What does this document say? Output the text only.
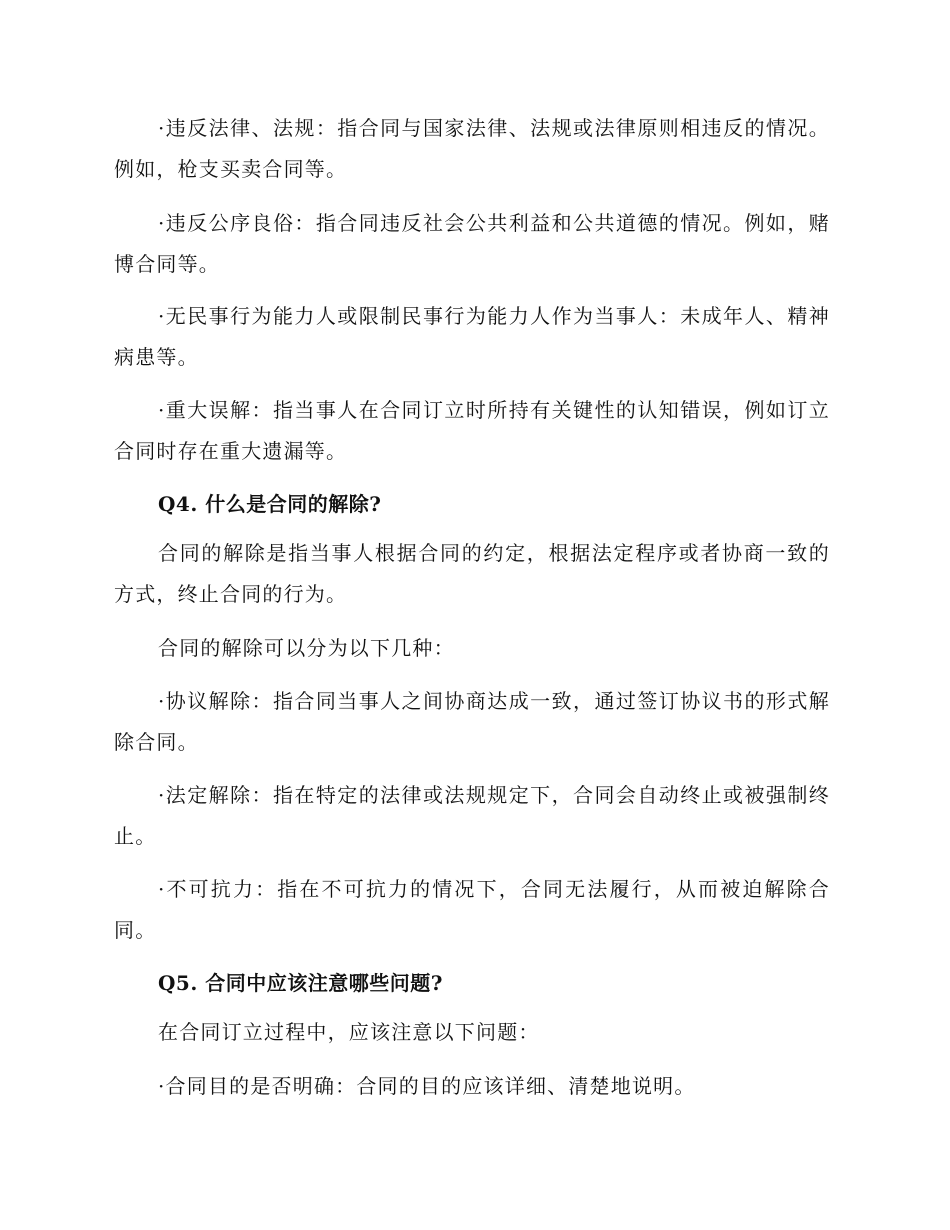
·违反法律、法规：指合同与国家法律、法规或法律原则相违反的情况。例如，枪支买卖合同等。

·违反公序良俗：指合同违反社会公共利益和公共道德的情况。例如，赌博合同等。

·无民事行为能力人或限制民事行为能力人作为当事人：未成年人、精神病患等。

·重大误解：指当事人在合同订立时所持有关键性的认知错误，例如订立合同时存在重大遗漏等。

Q4. 什么是合同的解除?

合同的解除是指当事人根据合同的约定，根据法定程序或者协商一致的方式，终止合同的行为。

合同的解除可以分为以下几种：

·协议解除：指合同当事人之间协商达成一致，通过签订协议书的形式解除合同。

·法定解除：指在特定的法律或法规规定下，合同会自动终止或被强制终止。

·不可抗力：指在不可抗力的情况下，合同无法履行，从而被迫解除合同。

Q5. 合同中应该注意哪些问题?

在合同订立过程中，应该注意以下问题：

·合同目的是否明确：合同的目的应该详细、清楚地说明。
